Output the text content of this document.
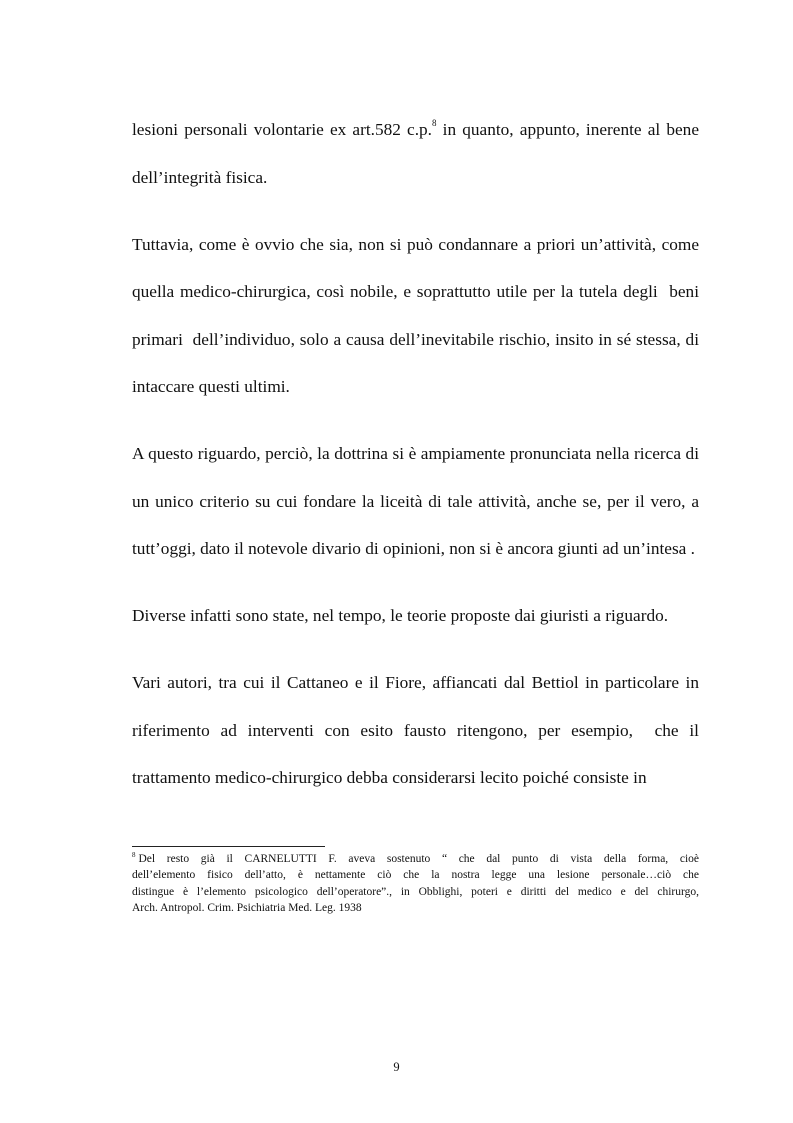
lesioni personali volontarie ex art.582 c.p.$^8$ in quanto, appunto, inerente al bene dell’integrità fisica.

Tuttavia, come è ovvio che sia, non si può condannare a priori un’attività, come quella medico-chirurgica, così nobile, e soprattutto utile per la tutela degli  beni primari  dell’individuo, solo a causa dell’inevitabile rischio, insito in sé stessa, di intaccare questi ultimi.

A questo riguardo, perciò, la dottrina si è ampiamente pronunciata nella ricerca di un unico criterio su cui fondare la liceità di tale attività, anche se, per il vero, a tutt’oggi, dato il notevole divario di opinioni, non si è ancora giunti ad un’intesa .

Diverse infatti sono state, nel tempo, le teorie proposte dai giuristi a riguardo.

Vari autori, tra cui il Cattaneo e il Fiore, affiancati dal Bettiol in particolare in riferimento ad interventi con esito fausto ritengono, per esempio,  che il trattamento medico-chirurgico debba considerarsi lecito poiché consiste in

$^8$ Del resto già il CARNELUTTI F. aveva sostenuto “ che dal punto di vista della forma, cioè
dell’elemento fisico dell’atto, è nettamente ciò che la nostra legge una lesione personale…ciò che
distingue è l’elemento psicologico dell’operatore”., in Obblighi, poteri e diritti del medico e del chirurgo,
Arch. Antropol. Crim. Psichiatria Med. Leg. 1938
9
